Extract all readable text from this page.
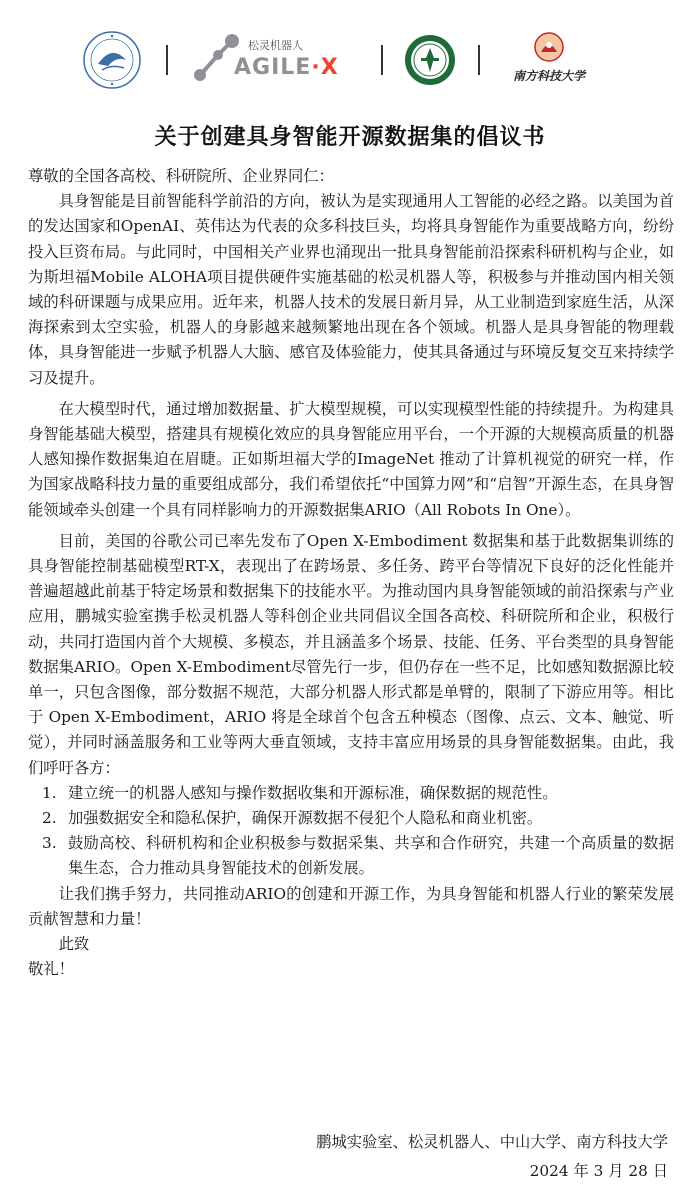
松灵机器人
AGILE·X	南方科技大学
关于创建具身智能开源数据集的倡议书

尊敬的全国各高校、科研院所、企业界同仁：

具身智能是目前智能科学前沿的方向，被认为是实现通用人工智能的必经之路。以美国为首的发达国家和OpenAI、英伟达为代表的众多科技巨头，均将具身智能作为重要战略方向，纷纷投入巨资布局。与此同时，中国相关产业界也涌现出一批具身智能前沿探索科研机构与企业，如为斯坦福Mobile ALOHA项目提供硬件实施基础的松灵机器人等，积极参与并推动国内相关领域的科研课题与成果应用。近年来，机器人技术的发展日新月异，从工业制造到家庭生活，从深海探索到太空实验，机器人的身影越来越频繁地出现在各个领域。机器人是具身智能的物理载体，具身智能进一步赋予机器人大脑、感官及体验能力，使其具备通过与环境反复交互来持续学习及提升。

在大模型时代，通过增加数据量、扩大模型规模，可以实现模型性能的持续提升。为构建具身智能基础大模型，搭建具有规模化效应的具身智能应用平台，一个开源的大规模高质量的机器人感知操作数据集迫在眉睫。正如斯坦福大学的ImageNet 推动了计算机视觉的研究一样，作为国家战略科技力量的重要组成部分，我们希望依托“中国算力网”和“启智”开源生态，在具身智能领域牵头创建一个具有同样影响力的开源数据集ARIO（All Robots In One）。

目前，美国的谷歌公司已率先发布了Open X-Embodiment 数据集和基于此数据集训练的具身智能控制基础模型RT-X，表现出了在跨场景、多任务、跨平台等情况下良好的泛化性能并普遍超越此前基于特定场景和数据集下的技能水平。为推动国内具身智能领域的前沿探索与产业应用，鹏城实验室携手松灵机器人等科创企业共同倡议全国各高校、科研院所和企业，积极行动，共同打造国内首个大规模、多模态，并且涵盖多个场景、技能、任务、平台类型的具身智能数据集ARIO。Open X-Embodiment尽管先行一步，但仍存在一些不足，比如感知数据源比较单一，只包含图像，部分数据不规范，大部分机器人形式都是单臂的，限制了下游应用等。相比于 Open X-Embodiment，ARIO 将是全球首个包含五种模态（图像、点云、文本、触觉、听觉），并同时涵盖服务和工业等两大垂直领域，支持丰富应用场景的具身智能数据集。由此，我们呼吁各方：

1. 建立统一的机器人感知与操作数据收集和开源标准，确保数据的规范性。
2. 加强数据安全和隐私保护，确保开源数据不侵犯个人隐私和商业机密。
3. 鼓励高校、科研机构和企业积极参与数据采集、共享和合作研究，共建一个高质量的数据集生态，合力推动具身智能技术的创新发展。

让我们携手努力，共同推动ARIO的创建和开源工作，为具身智能和机器人行业的繁荣发展贡献智慧和力量！

此致

敬礼！

鹏城实验室、松灵机器人、中山大学、南方科技大学
2024 年 3 月 28 日
